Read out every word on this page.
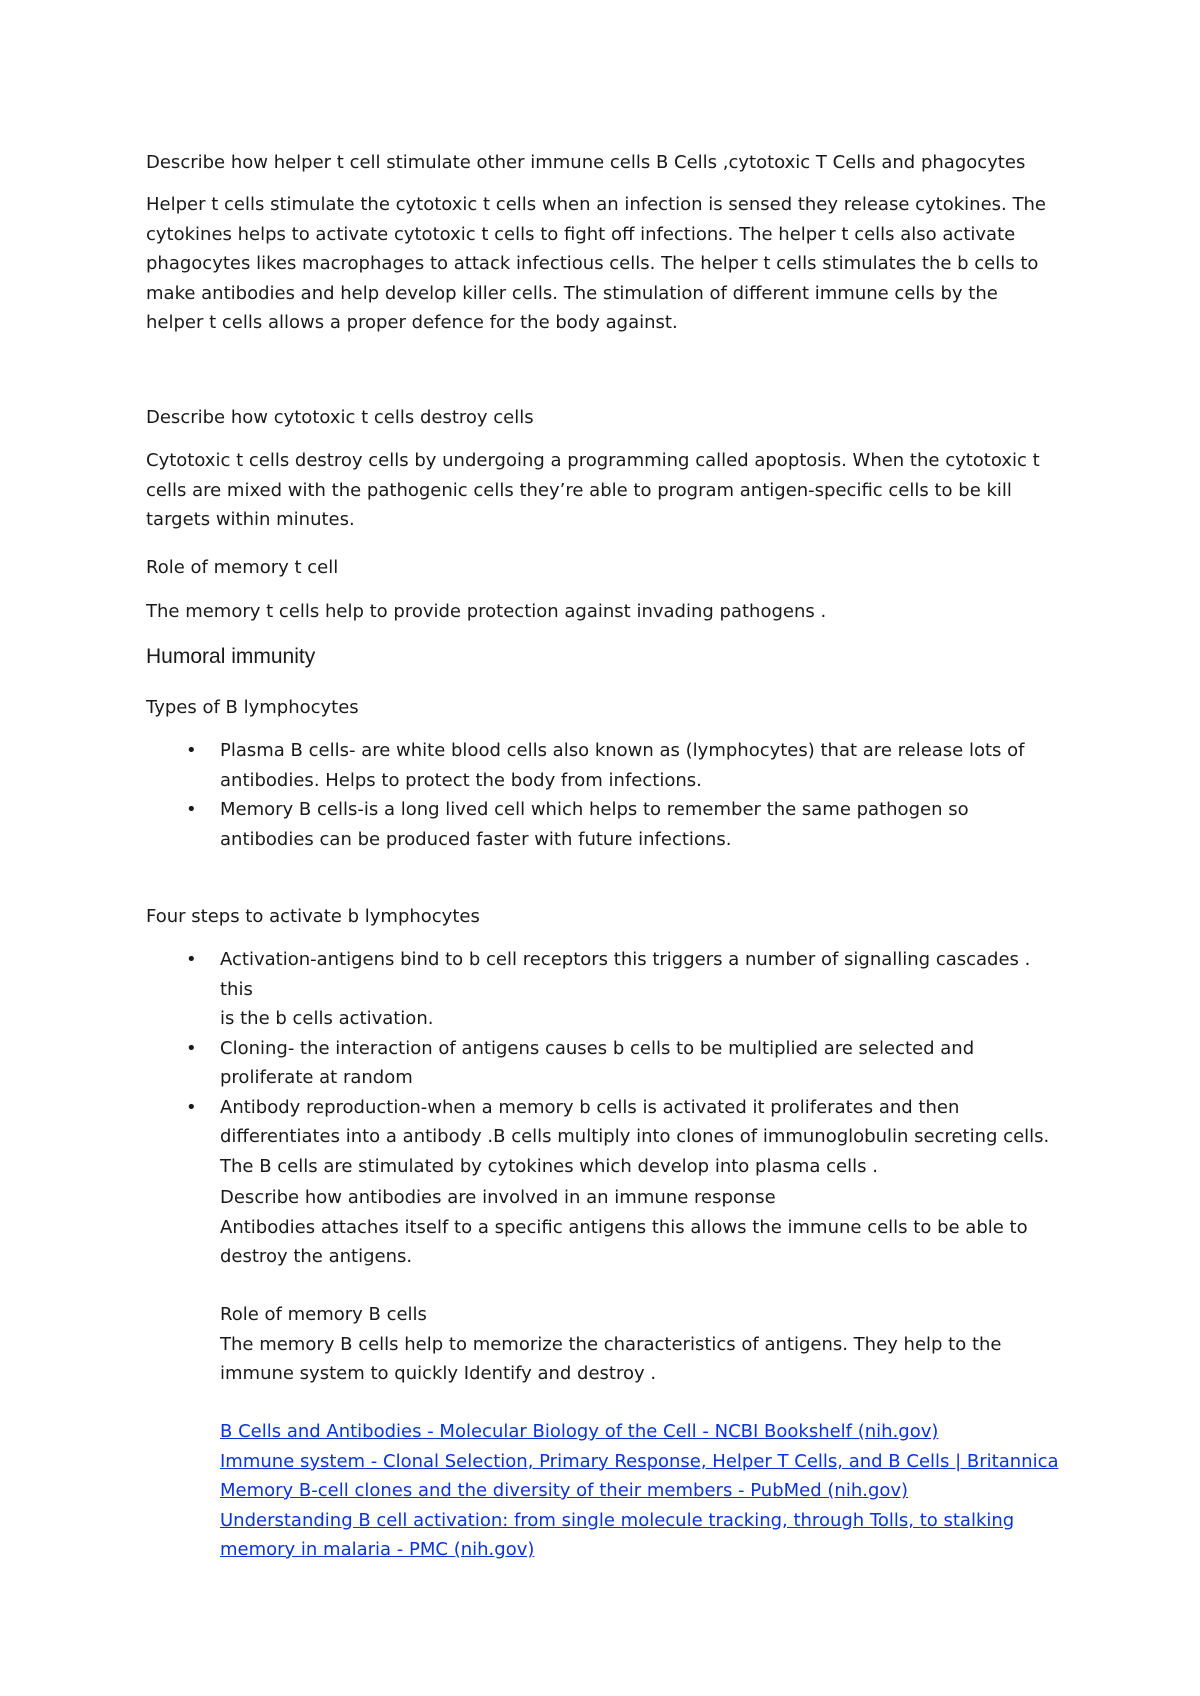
Describe how helper t cell stimulate other immune cells B Cells ,cytotoxic T Cells and phagocytes

Helper t cells stimulate the cytotoxic t cells when an infection is sensed they release cytokines. The
cytokines helps to activate cytotoxic t cells to fight off infections. The helper t cells also activate
phagocytes likes macrophages to attack infectious cells. The helper t cells stimulates the b cells to
make antibodies and help develop killer cells. The stimulation of different immune cells by the
helper t cells allows a proper defence for the body against.

Describe how cytotoxic t cells destroy cells

Cytotoxic t cells destroy cells by undergoing a programming called apoptosis. When the cytotoxic t
cells are mixed with the pathogenic cells they’re able to program antigen-specific cells to be kill
targets within minutes.

Role of memory t cell

The memory t cells help to provide protection against invading pathogens .

Humoral immunity

Types of B lymphocytes

• Plasma B cells- are white blood cells also known as (lymphocytes) that are release lots of
antibodies. Helps to protect the body from infections.
• Memory B cells-is a long lived cell which helps to remember the same pathogen so
antibodies can be produced faster with future infections.

Four steps to activate b lymphocytes

• Activation-antigens bind to b cell receptors this triggers a number of signalling cascades . this
is the b cells activation.
• Cloning- the interaction of antigens causes b cells to be multiplied are selected and
proliferate at random
• Antibody reproduction-when a memory b cells is activated it proliferates and then
differentiates into a antibody .B cells multiply into clones of immunoglobulin secreting cells.
The B cells are stimulated by cytokines which develop into plasma cells .
Describe how antibodies are involved in an immune response
Antibodies attaches itself to a specific antigens this allows the immune cells to be able to
destroy the antigens.
Role of memory B cells
The memory B cells help to memorize the characteristics of antigens. They help to the
immune system to quickly Identify and destroy .
B Cells and Antibodies - Molecular Biology of the Cell - NCBI Bookshelf (nih.gov)
Immune system - Clonal Selection, Primary Response, Helper T Cells, and B Cells | Britannica
Memory B-cell clones and the diversity of their members - PubMed (nih.gov)
Understanding B cell activation: from single molecule tracking, through Tolls, to stalking
memory in malaria - PMC (nih.gov)
